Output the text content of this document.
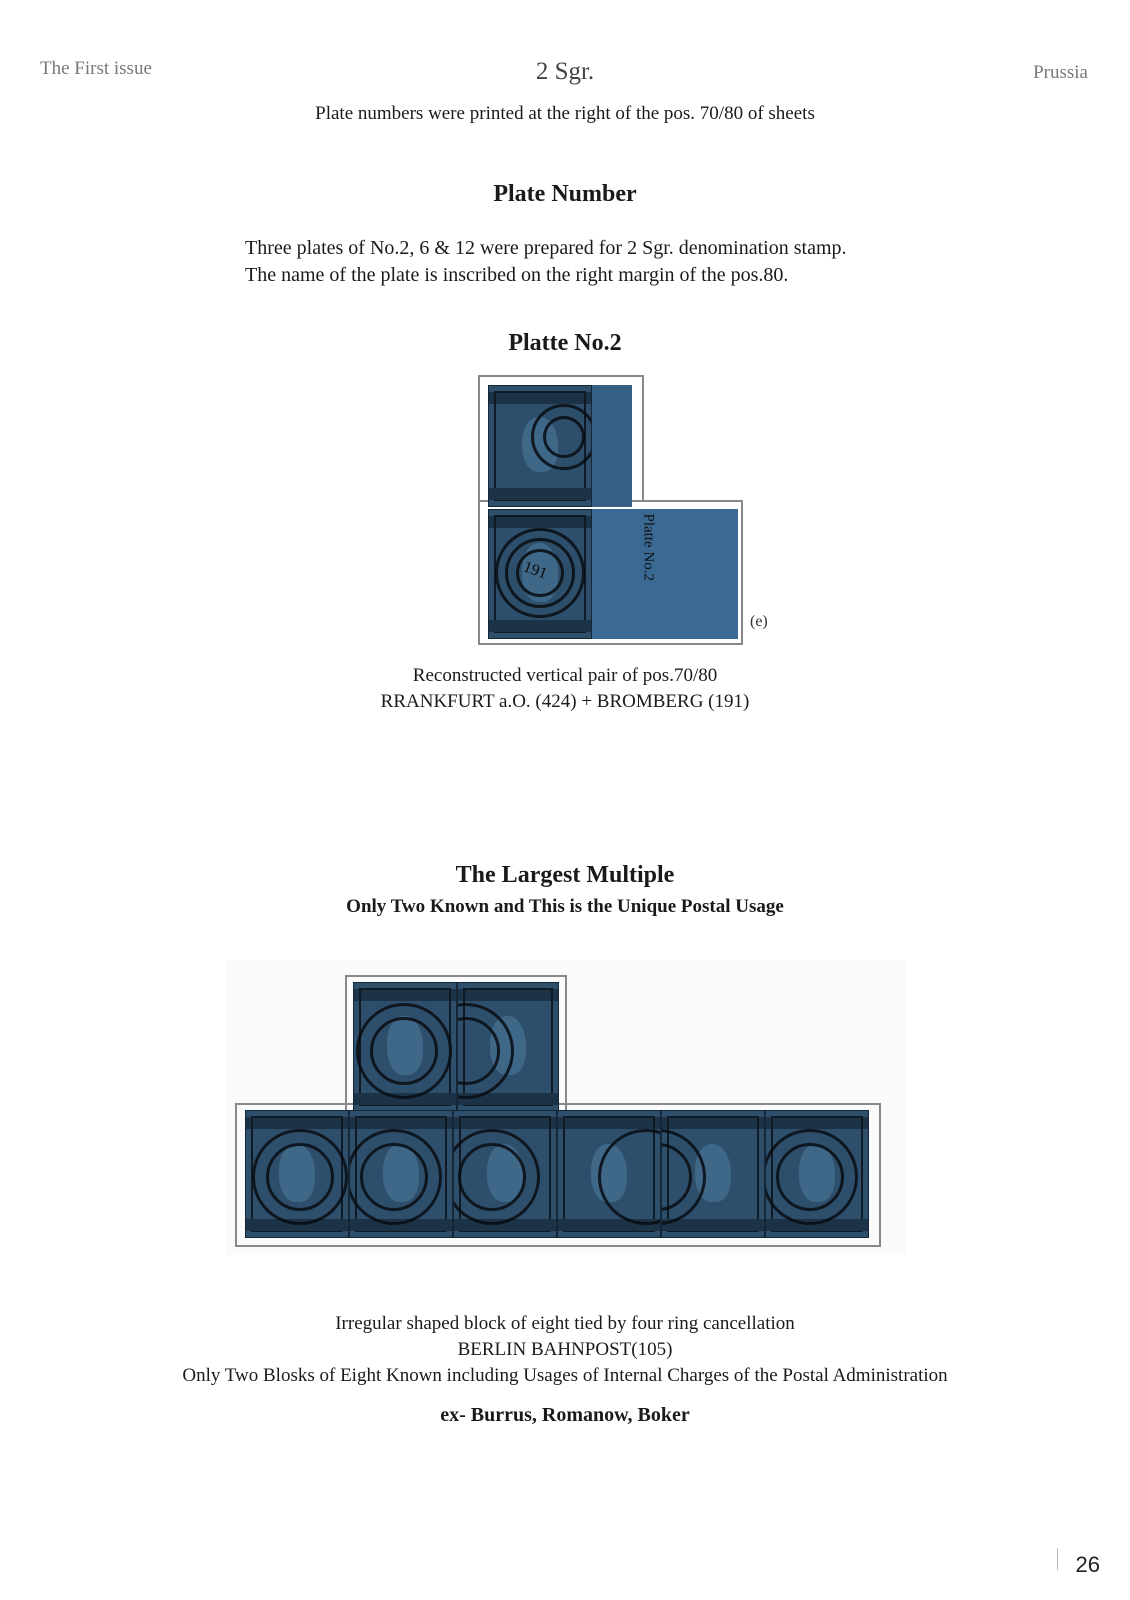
The First issue	2 Sgr.	Prussia
Plate numbers were printed at the right of the pos. 70/80 of sheets
Plate Number
Three plates of No.2, 6 & 12 were prepared for 2 Sgr. denomination stamp.
The name of the plate is inscribed on the right margin of the pos.80.
Platte No.2
191	Platte No.2
(e)
Reconstructed vertical pair of pos.70/80
RRANKFURT a.O. (424) + BROMBERG (191)
The Largest Multiple
Only Two Known and This is the Unique Postal Usage
Irregular shaped block of eight tied by four ring cancellation
BERLIN BAHNPOST(105)
Only Two Blosks of Eight Known including Usages of Internal Charges of the Postal Administration
ex- Burrus, Romanow, Boker
26
